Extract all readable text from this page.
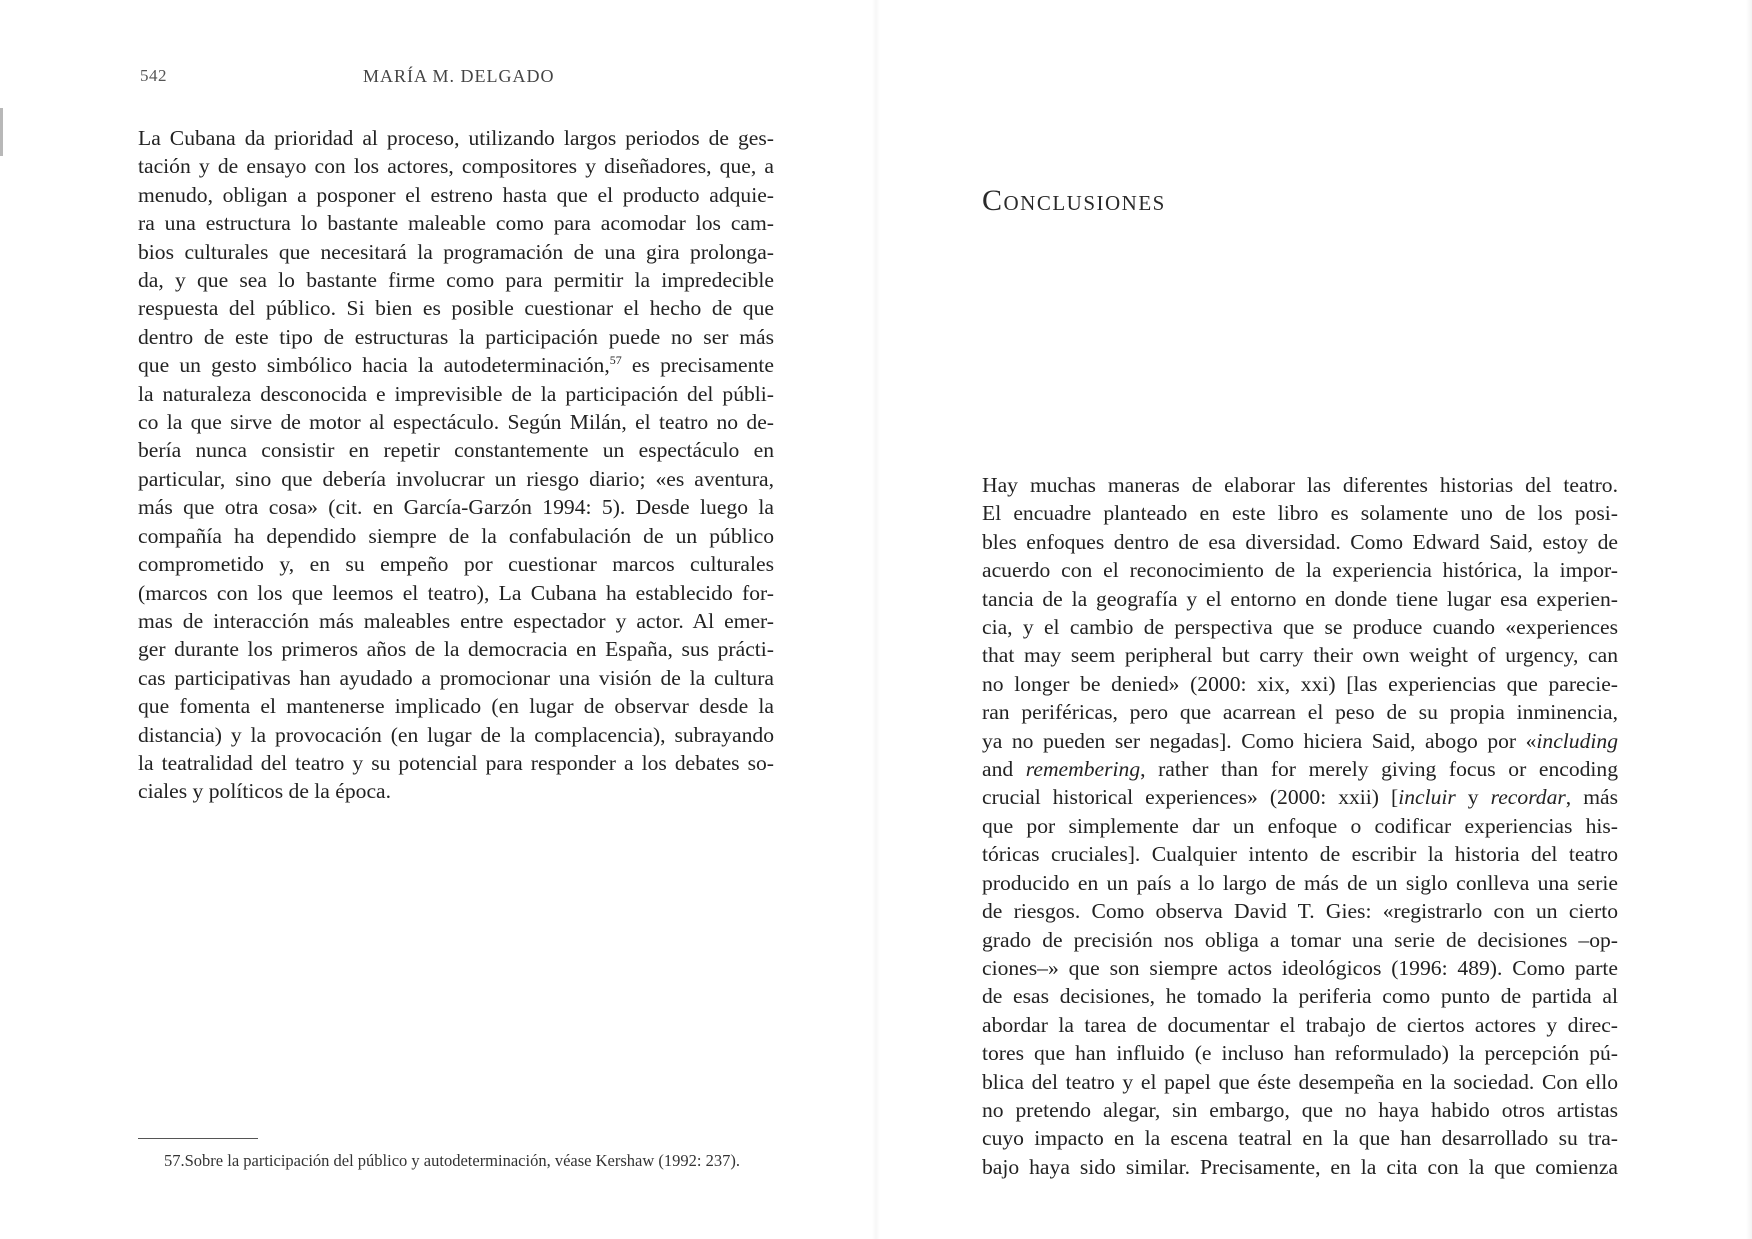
542	MARÍA M. DELGADO
La Cubana da prioridad al proceso, utilizando largos periodos de ges-
tación y de ensayo con los actores, compositores y diseñadores, que, a
menudo, obligan a posponer el estreno hasta que el producto adquie-
ra una estructura lo bastante maleable como para acomodar los cam-
bios culturales que necesitará la programación de una gira prolonga-
da, y que sea lo bastante firme como para permitir la impredecible
respuesta del público. Si bien es posible cuestionar el hecho de que
dentro de este tipo de estructuras la participación puede no ser más
que un gesto simbólico hacia la autodeterminación,$^{57}$ es precisamente
la naturaleza desconocida e imprevisible de la participación del públi-
co la que sirve de motor al espectáculo. Según Milán, el teatro no de-
bería nunca consistir en repetir constantemente un espectáculo en
particular, sino que debería involucrar un riesgo diario; «es aventura,
más que otra cosa» (cit. en García-Garzón 1994: 5). Desde luego la
compañía ha dependido siempre de la confabulación de un público
comprometido y, en su empeño por cuestionar marcos culturales
(marcos con los que leemos el teatro), La Cubana ha establecido for-
mas de interacción más maleables entre espectador y actor. Al emer-
ger durante los primeros años de la democracia en España, sus prácti-
cas participativas han ayudado a promocionar una visión de la cultura
que fomenta el mantenerse implicado (en lugar de observar desde la
distancia) y la provocación (en lugar de la complacencia), subrayando
la teatralidad del teatro y su potencial para responder a los debates so-
ciales y políticos de la época.
57.Sobre la participación del público y autodeterminación, véase Kershaw (1992: 237).
Conclusiones
Hay muchas maneras de elaborar las diferentes historias del teatro.
El encuadre planteado en este libro es solamente uno de los posi-
bles enfoques dentro de esa diversidad. Como Edward Said, estoy de
acuerdo con el reconocimiento de la experiencia histórica, la impor-
tancia de la geografía y el entorno en donde tiene lugar esa experien-
cia, y el cambio de perspectiva que se produce cuando «experiences
that may seem peripheral but carry their own weight of urgency, can
no longer be denied» (2000: xix, xxi) [las experiencias que parecie-
ran periféricas, pero que acarrean el peso de su propia inminencia,
ya no pueden ser negadas]. Como hiciera Said, abogo por «including
and remembering, rather than for merely giving focus or encoding
crucial historical experiences» (2000: xxii) [incluir y recordar, más
que por simplemente dar un enfoque o codificar experiencias his-
tóricas cruciales]. Cualquier intento de escribir la historia del teatro
producido en un país a lo largo de más de un siglo conlleva una serie
de riesgos. Como observa David T. Gies: «registrarlo con un cierto
grado de precisión nos obliga a tomar una serie de decisiones –op-
ciones–» que son siempre actos ideológicos (1996: 489). Como parte
de esas decisiones, he tomado la periferia como punto de partida al
abordar la tarea de documentar el trabajo de ciertos actores y direc-
tores que han influido (e incluso han reformulado) la percepción pú-
blica del teatro y el papel que éste desempeña en la sociedad. Con ello
no pretendo alegar, sin embargo, que no haya habido otros artistas
cuyo impacto en la escena teatral en la que han desarrollado su tra-
bajo haya sido similar. Precisamente, en la cita con la que comienza
